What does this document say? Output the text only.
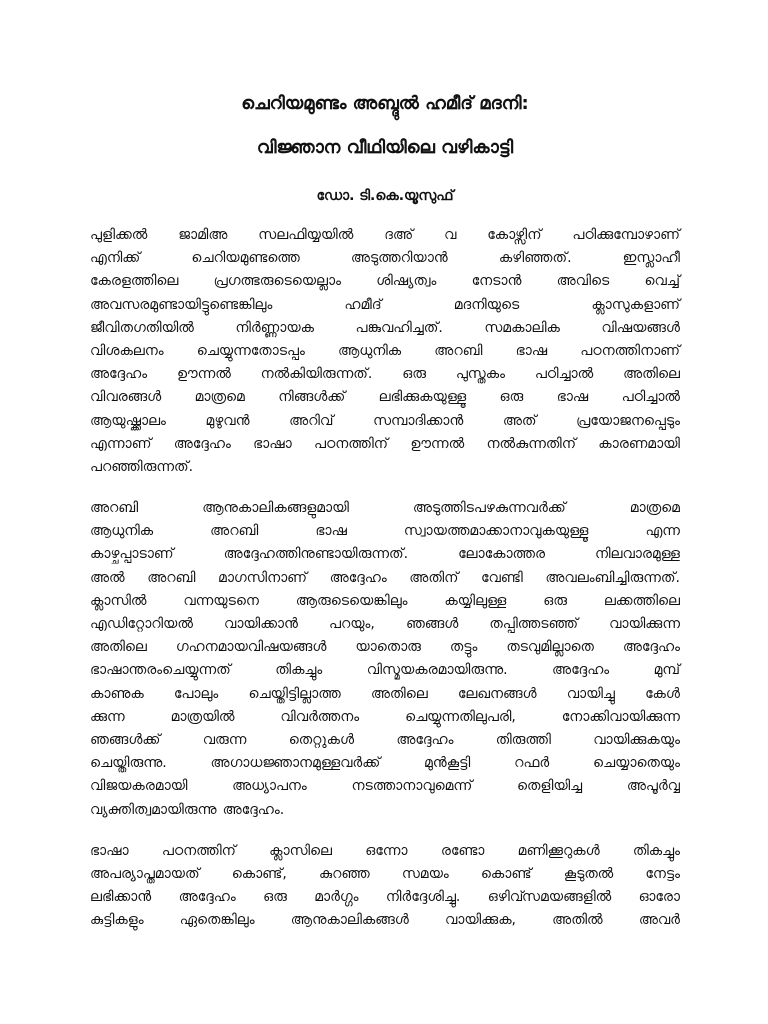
ചെറിയമുണ്ടം അബ്ദുൽ ഹമീദ് മദനി:
വിജ്ഞാന വീഥിയിലെ വഴികാട്ടി
ഡോ. ടി.കെ.യൂസുഫ്
പുളിക്കൽ ജാമിഅ സലഫിയ്യയിൽ ദഅ് വ കോഴ്സിന് പഠിക്കുമ്പോഴാണ്
എനിക്ക്	ചെറിയമുണ്ടത്തെ	അടുത്തറിയാൻ	കഴിഞ്ഞത്.	ഇസ്ലാഹീ
കേരളത്തിലെ	പ്രഗത്ഭരുടെയെല്ലാം	ശിഷ്യത്വം	നേടാൻ	അവിടെ	വെച്ച്
അവസരമുണ്ടായിട്ടുണ്ടെങ്കിലും	ഹമീദ്	മദനിയുടെ	ക്ലാസുകളാണ്
ജീവിതഗതിയിൽ	നിർണ്ണായക	പങ്കുവഹിച്ചത്.	സമകാലിക	വിഷയങ്ങൾ
വിശകലനം ചെയ്യുന്നതോടപ്പം ആധുനിക അറബി ഭാഷ പഠനത്തിനാണ്
അദ്ദേഹം ഊന്നൽ നൽകിയിരുന്നത്. ഒരു പുസ്തകം പഠിച്ചാൽ അതിലെ
വിവരങ്ങൾ മാത്രമെ നിങ്ങൾക്ക് ലഭിക്കുകയുള്ളൂ ഒരു ഭാഷ പഠിച്ചാൽ
ആയുഷ്ക്കാലം	മുഴുവൻ	അറിവ്	സമ്പാദിക്കാൻ	അത്	പ്രയോജനപ്പെടും
എന്നാണ് അദ്ദേഹം ഭാഷാ പഠനത്തിന് ഊന്നൽ നൽകുന്നതിന് കാരണമായി
പറഞ്ഞിരുന്നത്.
അറബി	ആനുകാലികങ്ങളുമായി	അടുത്തിടപഴകുന്നവർക്ക്	മാത്രമെ
ആധുനിക	അറബി	ഭാഷ	സ്വായത്തമാക്കാനാവുകയുള്ളൂ	എന്ന
കാഴ്ചപ്പാടാണ്	അദ്ദേഹത്തിനുണ്ടായിരുന്നത്.	ലോകോത്തര	നിലവാരമുള്ള
അൽ അറബി മാഗസിനാണ് അദ്ദേഹം അതിന് വേണ്ടി അവലംബിച്ചിരുന്നത്.
ക്ലാസിൽ	വന്നയുടനെ	ആരുടെയെങ്കിലും	കയ്യിലുള്ള	ഒരു	ലക്കത്തിലെ
എഡിറ്റോറിയൽ വായിക്കാൻ പറയും, ഞങ്ങൾ തപ്പിത്തടഞ്ഞ് വായിക്കുന്ന
അതിലെ ഗഹനമായവിഷയങ്ങൾ യാതൊരു തട്ടും തടവുമില്ലാതെ അദ്ദേഹം
ഭാഷാന്തരംചെയ്യുന്നത്	തികച്ചും	വിസ്മയകരമായിരുന്നു.	അദ്ദേഹം	മുമ്പ്
കാണുക പോലും ചെയ്തിട്ടില്ലാത്ത അതിലെ ലേഖനങ്ങൾ വായിച്ചു കേൾ
ക്കുന്ന	മാത്രയിൽ	വിവർത്തനം	ചെയ്യുന്നതിലുപരി,	നോക്കിവായിക്കുന്ന
ഞങ്ങൾക്ക്	വരുന്ന	തെറ്റുകൾ	അദ്ദേഹം	തിരുത്തി	വായിക്കുകയും
ചെയ്തിരുന്നു.	അഗാധജ്ഞാനമുള്ളവർക്ക്	മുൻകൂട്ടി	റഫർ	ചെയ്യാതെയും
വിജയകരമായി	അധ്യാപനം	നടത്താനാവുമെന്ന്	തെളിയിച്ച	അപൂർവ്വ
വ്യക്തിത്വമായിരുന്നു അദ്ദേഹം.
ഭാഷാ പഠനത്തിന് ക്ലാസിലെ ഒന്നോ രണ്ടോ മണിക്കൂറുകൾ തികച്ചും
അപര്യാപ്തമായത് കൊണ്ട്, കുറഞ്ഞ സമയം കൊണ്ട് കൂടുതൽ നേട്ടം
ലഭിക്കാൻ അദ്ദേഹം ഒരു മാർഗ്ഗം നിർദ്ദേശിച്ചു. ഒഴിവ്സമയങ്ങളിൽ ഓരോ
കുട്ടികളും	ഏതെങ്കിലും	ആനുകാലികങ്ങൾ	വായിക്കുക,	അതിൽ	അവർ
